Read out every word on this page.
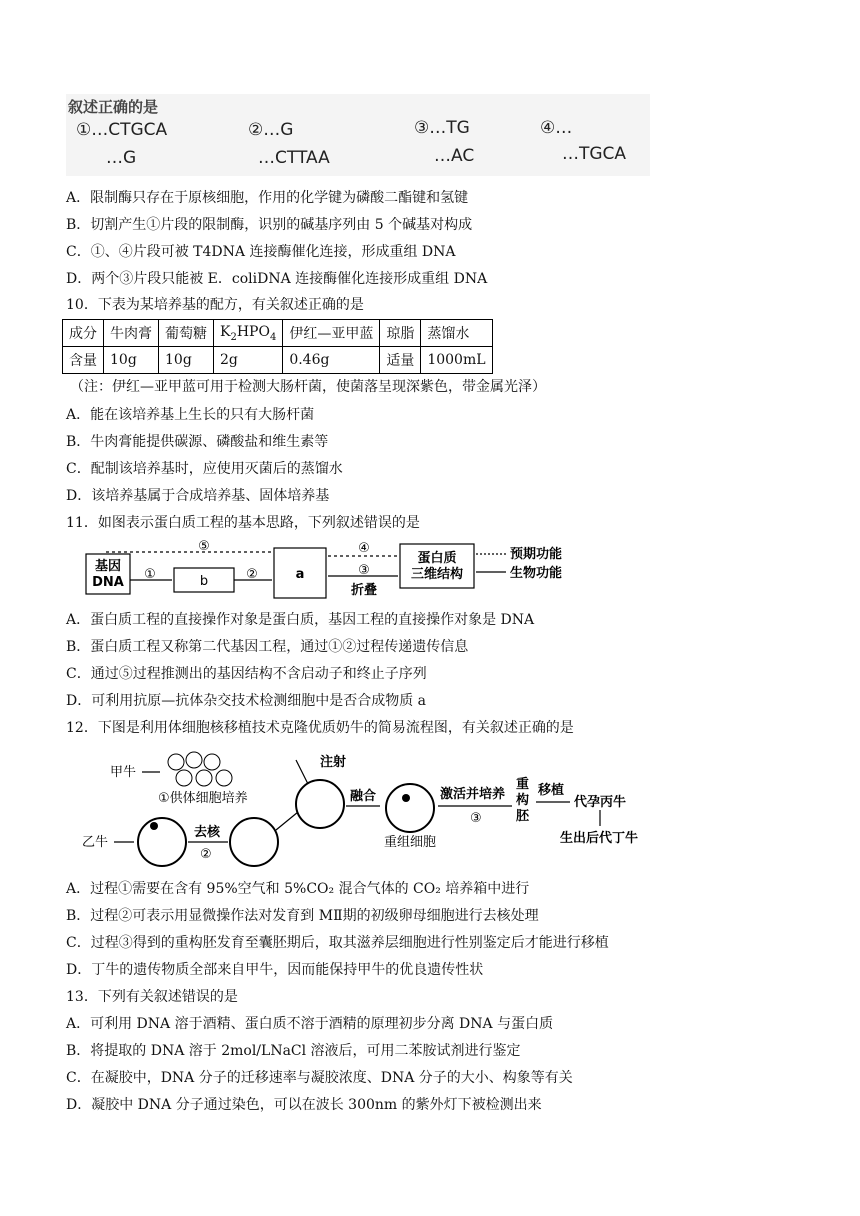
叙述正确的是
①…CTGCA
…G
②…G
…CTTAA
③…TG
…AC
④…
…TGCA
A．限制酶只存在于原核细胞，作用的化学键为磷酸二酯键和氢键
B．切割产生①片段的限制酶，识别的碱基序列由 5 个碱基对构成
C．①、④片段可被 T4DNA 连接酶催化连接，形成重组 DNA
D．两个③片段只能被 E．coliDNA 连接酶催化连接形成重组 DNA
10．下表为某培养基的配方，有关叙述正确的是
成分	牛肉膏	葡萄糖	$K_2HPO_4$	伊红—亚甲蓝	琼脂	蒸馏水
含量	10g	10g	2g	0.46g	适量	1000mL
（注：伊红—亚甲蓝可用于检测大肠杆菌，使菌落呈现深紫色，带金属光泽）
A．能在该培养基上生长的只有大肠杆菌
B．牛肉膏能提供碳源、磷酸盐和维生素等
C．配制该培养基时，应使用灭菌后的蒸馏水
D．该培养基属于合成培养基、固体培养基
11．如图表示蛋白质工程的基本思路，下列叙述错误的是
基因 DNA	b	a
蛋白质三维结构
①	②	③
折叠
④
⑤
预期功能
生物功能
A．蛋白质工程的直接操作对象是蛋白质，基因工程的直接操作对象是 DNA
B．蛋白质工程又称第二代基因工程，通过①②过程传递遗传信息
C．通过⑤过程推测出的基因结构不含启动子和终止子序列
D．可利用抗原—抗体杂交技术检测细胞中是否合成物质 a
12．下图是利用体细胞核移植技术克隆优质奶牛的简易流程图，有关叙述正确的是
甲牛
①供体细胞培养
注射
乙牛
去核
②
融合
重组细胞
激活并培养
③
重
构
胚
移植
代孕丙牛
生出后代丁牛
A．过程①需要在含有 95%空气和 5%CO₂ 混合气体的 CO₂ 培养箱中进行
B．过程②可表示用显微操作法对发育到 MⅡ期的初级卵母细胞进行去核处理
C．过程③得到的重构胚发育至囊胚期后，取其滋养层细胞进行性别鉴定后才能进行移植
D．丁牛的遗传物质全部来自甲牛，因而能保持甲牛的优良遗传性状
13．下列有关叙述错误的是
A．可利用 DNA 溶于酒精、蛋白质不溶于酒精的原理初步分离 DNA 与蛋白质
B．将提取的 DNA 溶于 2mol/LNaCl 溶液后，可用二苯胺试剂进行鉴定
C．在凝胶中，DNA 分子的迁移速率与凝胶浓度、DNA 分子的大小、构象等有关
D．凝胶中 DNA 分子通过染色，可以在波长 300nm 的紫外灯下被检测出来
